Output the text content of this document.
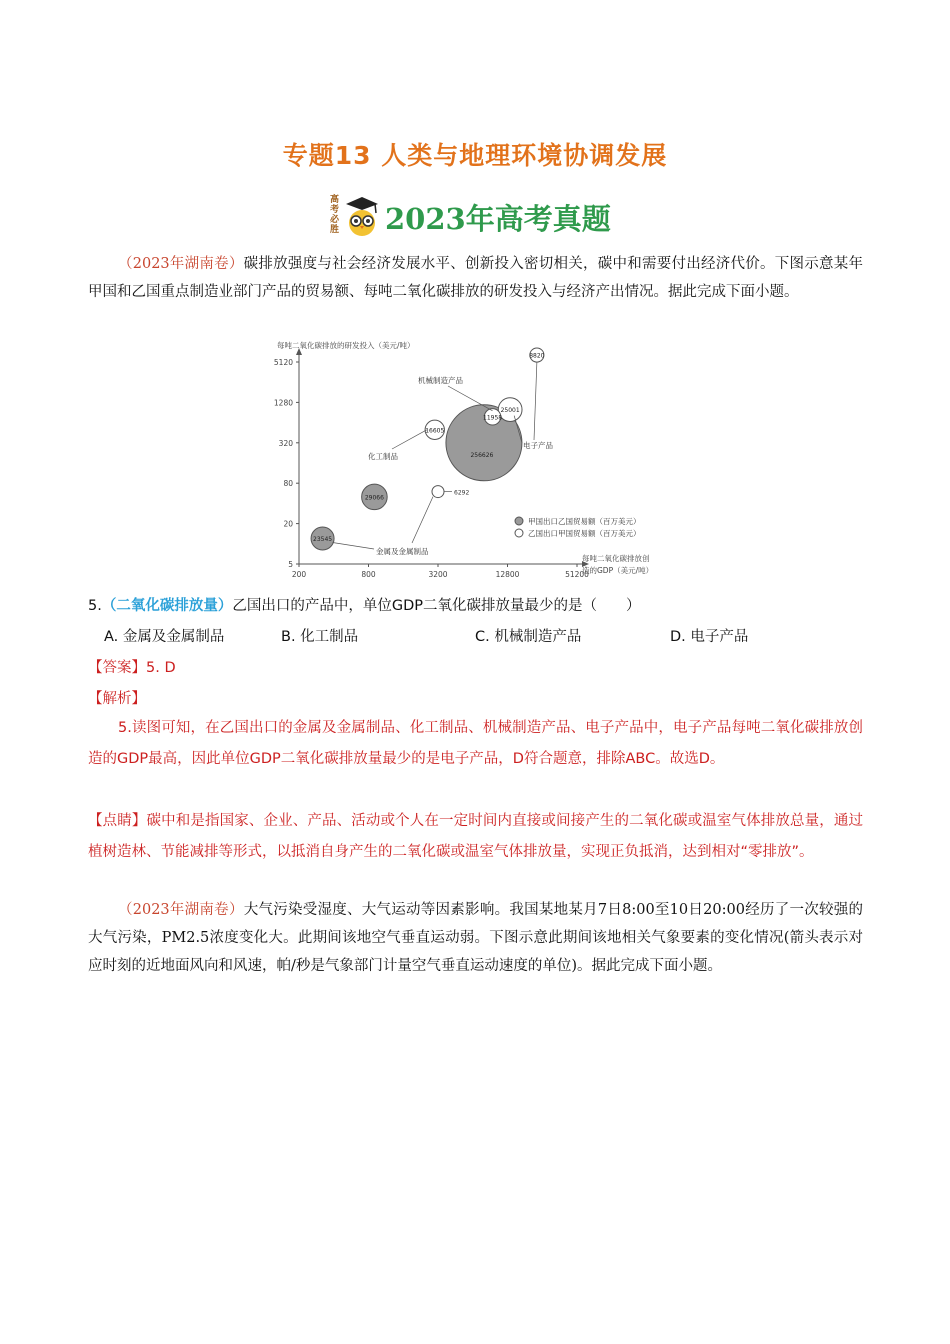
专题13 人类与地理环境协调发展
高考必胜 2023年高考真题

（2023年湖南卷）碳排放强度与社会经济发展水平、创新投入密切相关，碳中和需要付出经济代价。下图示意某年甲国和乙国重点制造业部门产品的贸易额、每吨二氧化碳排放的研发投入与经济产出情况。据此完成下面小题。

每吨二氧化碳排放的研发投入（美元/吨）
每吨二氧化碳排放创
造的GDP（美元/吨）
200	800	3200	12800	51200
5
20
80
320
1280
5120
256626
29066
25001
23545
16605
11958
8820
6292
机械制造产品
化工制品
电子产品
金属及金属制品
甲国出口乙国贸易额（百万美元）
乙国出口甲国贸易额（百万美元）

5.（二氧化碳排放量）乙国出口的产品中，单位GDP二氧化碳排放量最少的是（　　）

A. 金属及金属制品	B. 化工制品	C. 机械制造产品	D. 电子产品

【答案】5. D

【解析】

5.读图可知，在乙国出口的金属及金属制品、化工制品、机械制造产品、电子产品中，电子产品每吨二氧化碳排放创造的GDP最高，因此单位GDP二氧化碳排放量最少的是电子产品，D符合题意，排除ABC。故选D。

【点睛】碳中和是指国家、企业、产品、活动或个人在一定时间内直接或间接产生的二氧化碳或温室气体排放总量，通过植树造林、节能减排等形式，以抵消自身产生的二氧化碳或温室气体排放量，实现正负抵消，达到相对“零排放”。

（2023年湖南卷）大气污染受湿度、大气运动等因素影响。我国某地某月7日8:00至10日20:00经历了一次较强的大气污染，PM2.5浓度变化大。此期间该地空气垂直运动弱。下图示意此期间该地相关气象要素的变化情况(箭头表示对应时刻的近地面风向和风速，帕/秒是气象部门计量空气垂直运动速度的单位)。据此完成下面小题。
